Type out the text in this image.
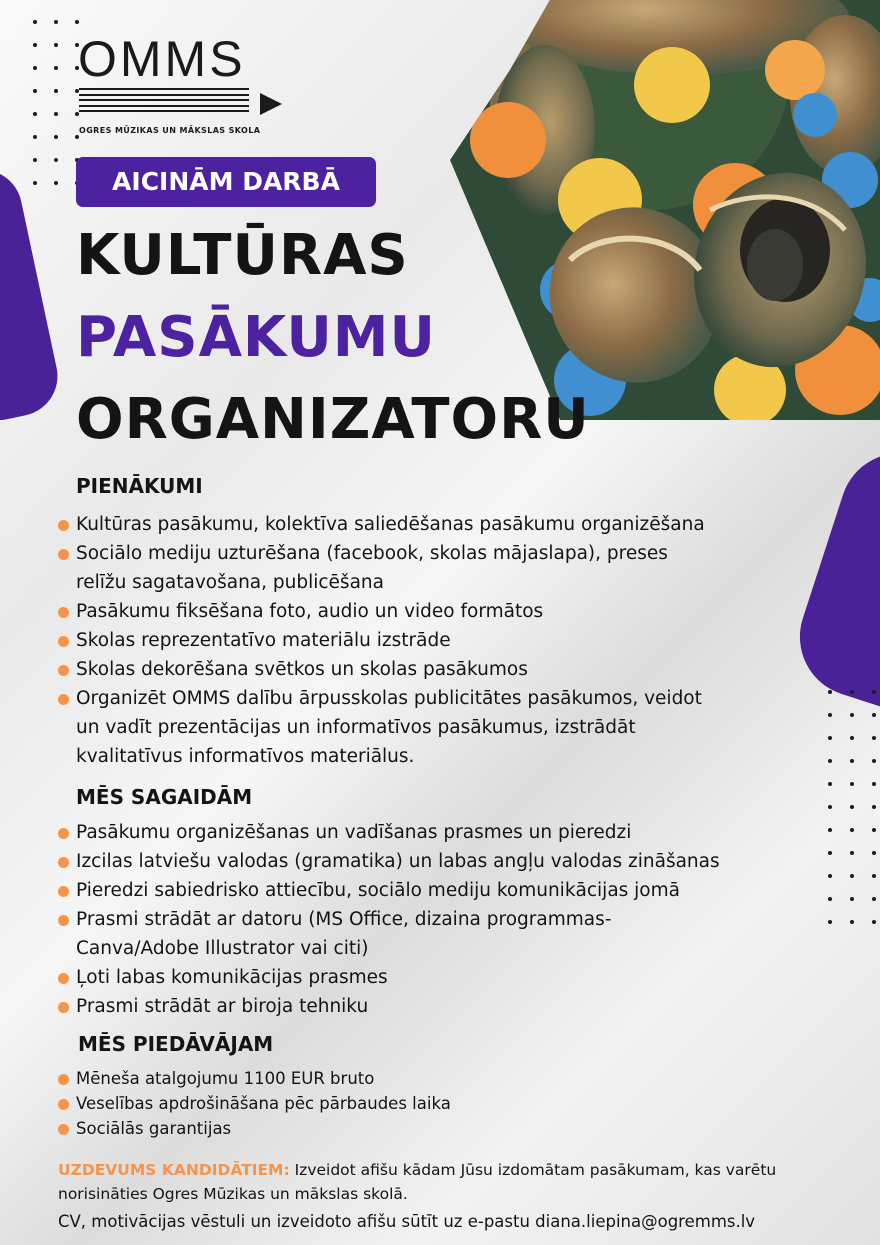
OMMS
OGRES MŪZIKAS UN MĀKSLAS SKOLA
AICINĀM DARBĀ
KULTŪRAS
PASĀKUMU
ORGANIZATORU
PIENĀKUMI
Kultūras pasākumu, kolektīva saliedēšanas pasākumu organizēšana
Sociālo mediju uzturēšana (facebook, skolas mājaslapa), preses
relīžu sagatavošana, publicēšana
Pasākumu fiksēšana foto, audio un video formātos
Skolas reprezentatīvo materiālu izstrāde
Skolas dekorēšana svētkos un skolas pasākumos
Organizēt OMMS dalību ārpusskolas publicitātes pasākumos, veidot
un vadīt prezentācijas un informatīvos pasākumus, izstrādāt
kvalitatīvus informatīvos materiālus.
MĒS SAGAIDĀM
Pasākumu organizēšanas un vadīšanas prasmes un pieredzi
Izcilas latviešu valodas (gramatika) un labas angļu valodas zināšanas
Pieredzi sabiedrisko attiecību, sociālo mediju komunikācijas jomā
Prasmi strādāt ar datoru (MS Office, dizaina programmas-
Canva/Adobe Illustrator vai citi)
Ļoti labas komunikācijas prasmes
Prasmi strādāt ar biroja tehniku
MĒS PIEDĀVĀJAM
Mēneša atalgojumu 1100 EUR bruto
Veselības apdrošināšana pēc pārbaudes laika
Sociālās garantijas
UZDEVUMS KANDIDĀTIEM: Izveidot afišu kādam Jūsu izdomātam pasākumam, kas varētu
norisināties Ogres Mūzikas un mākslas skolā.
CV, motivācijas vēstuli un izveidoto afišu sūtīt uz e-pastu diana.liepina@ogremms.lv
